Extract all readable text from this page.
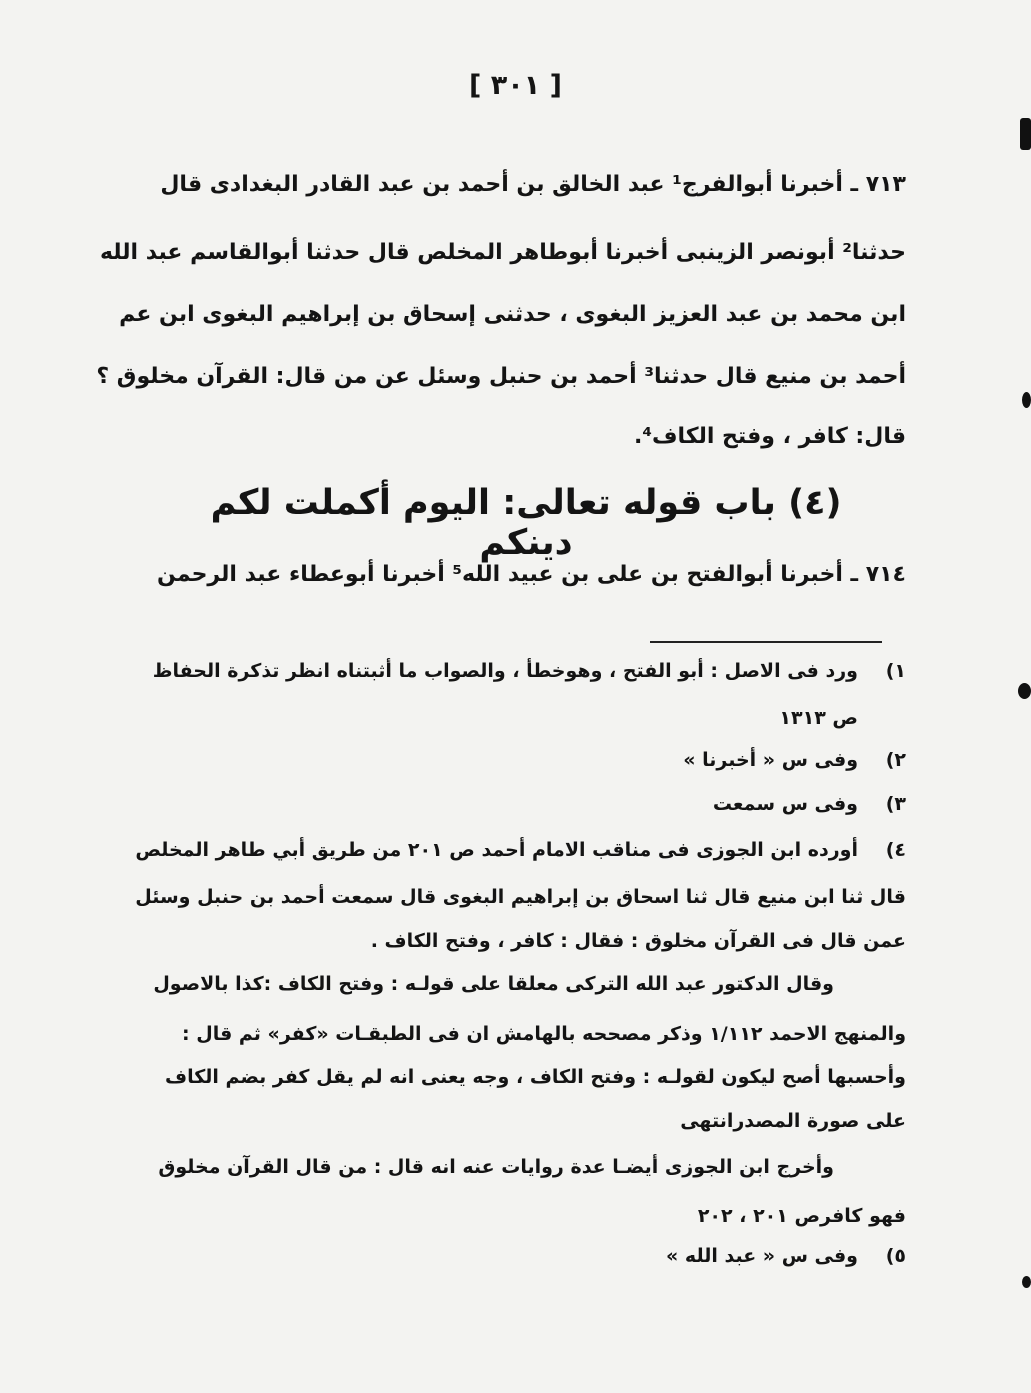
[ ٣٠١ ]
٧١٣ ـ أخبرنا أبوالفرج¹ عبد الخالق بن أحمد بن عبد القادر البغدادى قال
حدثنا² أبونصر الزينبى أخبرنا أبوطاهر المخلص قال حدثنا أبوالقاسم عبد الله
ابن محمد بن عبد العزيز البغوى ، حدثنى إسحاق بن إبراهيم البغوى ابن عم
أحمد بن منيع قال حدثنا³ أحمد بن حنبل وسئل عن من قال: القرآن مخلوق ؟
قال: كافر ، وفتح الكاف⁴.
(٤) باب قوله تعالى: اليوم أكملت لكم دينكم
٧١٤ ـ أخبرنا أبوالفتح بن على بن عبيد الله⁵ أخبرنا أبوعطاء عبد الرحمن
١)
ورد فى الاصل : أبو الفتح ، وهوخطأ ، والصواب ما أثبتناه انظر تذكرة الحفاظ
ص ١٣١٣
٢)
وفى س « أخبرنا »
٣)
وفى س سمعت
٤)
أورده ابن الجوزى فى مناقب الامام أحمد ص ٢٠١ من طريق أبي طاهر المخلص
قال ثنا ابن منيع قال ثنا اسحاق بن إبراهيم البغوى قال سمعت أحمد بن حنبل وسئل
عمن قال فى القرآن مخلوق : فقال : كافر ، وفتح الكاف .
وقال الدكتور عبد الله التركى معلقا على قولـه : وفتح الكاف :كذا بالاصول
والمنهج الاحمد ١/١١٢ وذكر مصححه بالهامش ان فى الطبقـات «كفر» ثم قال :
وأحسبها أصح ليكون لقولـه : وفتح الكاف ، وجه يعنى انه لم يقل كفر بضم الكاف
على صورة المصدرانتهى
وأخرج ابن الجوزى أيضـا عدة روايات عنه انه قال : من قال القرآن مخلوق
فهو كافرص ٢٠١ ، ٢٠٢
٥)
وفى س « عبد الله »
